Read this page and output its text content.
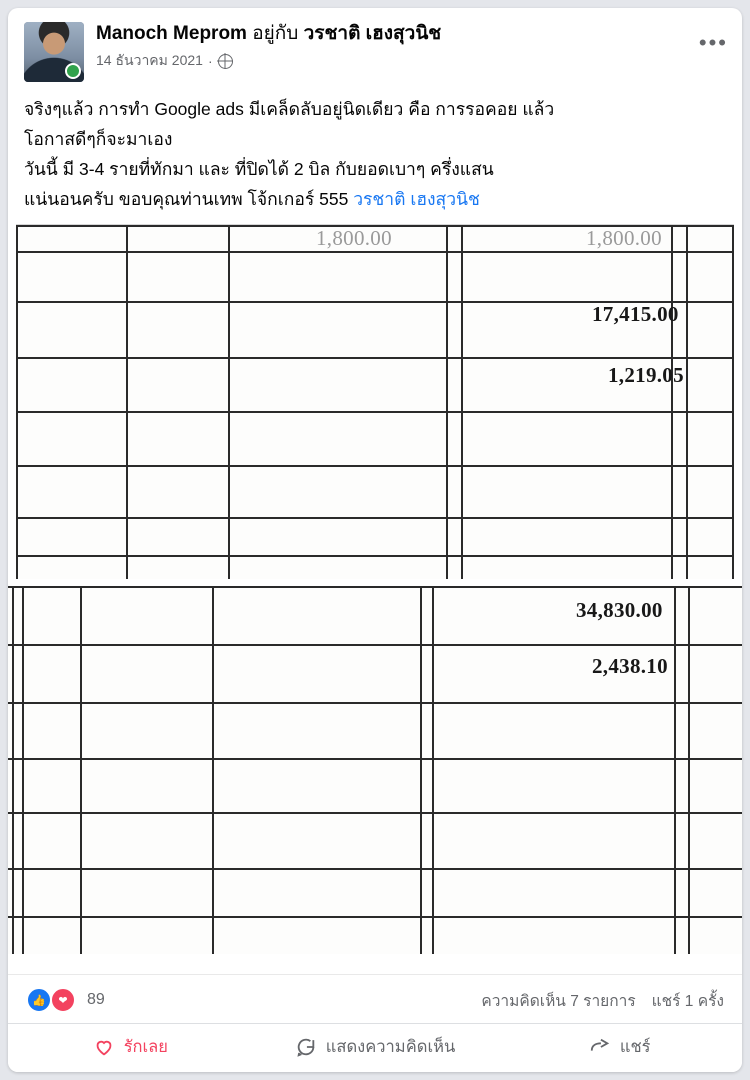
Manoch Meprom อยู่กับ วรชาติ เฮงสุวนิช
14 ธันวาคม 2021 ·
•••
จริงๆแล้ว การทำ Google ads มีเคล็ดลับอยู่นิดเดียว คือ การรอคอย แล้ว
โอกาสดีๆก็จะมาเอง
วันนี้ มี 3-4 รายที่ทักมา และ ที่ปิดได้ 2 บิล กับยอดเบาๆ ครึ่งแสน
แน่นอนครับ ขอบคุณท่านเทพ โจ้กเกอร์ 555 วรชาติ เฮงสุวนิช
1,800.00	1,800.00
17,415.00
1,219.05
34,830.00
2,438.10
👍	❤	89	ความคิดเห็น 7 รายการ แชร์ 1 ครั้ง
รักเลย	แสดงความคิดเห็น	แชร์
